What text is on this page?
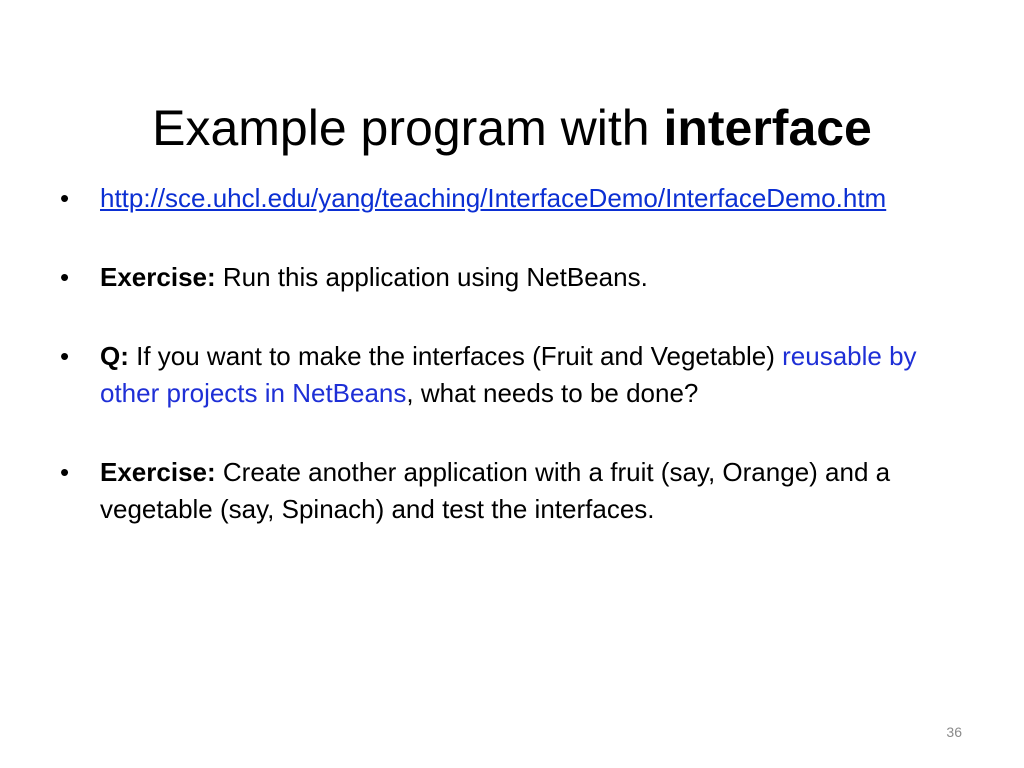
Example program with interface
•	http://sce.uhcl.edu/yang/teaching/InterfaceDemo/InterfaceDemo.htm
•	Exercise: Run this application using NetBeans.
•	Q: If you want to make the interfaces (Fruit and Vegetable) reusable by other projects in NetBeans, what needs to be done?
•	Exercise: Create another application with a fruit (say, Orange) and a vegetable (say, Spinach) and test the interfaces.
36
